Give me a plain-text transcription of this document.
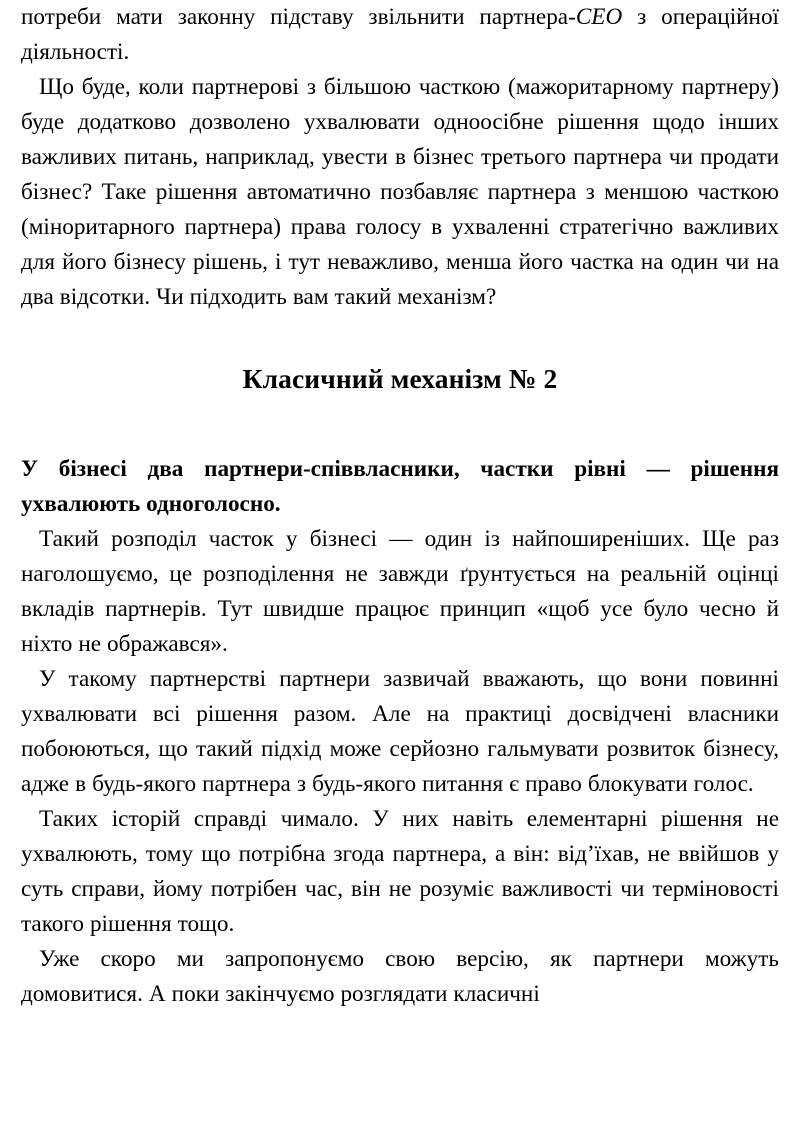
потреби мати законну підставу звільнити партнера-CEO з операційної діяльності.

Що буде, коли партнерові з більшою часткою (мажоритарному партнеру) буде додатково дозволено ухвалювати одноосібне рішення щодо інших важливих питань, наприклад, увести в бізнес третього партнера чи продати бізнес? Таке рішення автоматично позбавляє партнера з меншою часткою (міноритарного партнера) права голосу в ухваленні стратегічно важливих для його бізнесу рішень, і тут неважливо, менша його частка на один чи на два відсотки. Чи підходить вам такий механізм?

Класичний механізм № 2

У бізнесі два партнери-співвласники, частки рівні — рішення ухвалюють одноголосно.

Такий розподіл часток у бізнесі — один із найпоширеніших. Ще раз наголошуємо, це розподілення не завжди ґрунтується на реальній оцінці вкладів партнерів. Тут швидше працює принцип «щоб усе було чесно й ніхто не ображався».

У такому партнерстві партнери зазвичай вважають, що вони повинні ухвалювати всі рішення разом. Але на практиці досвідчені власники побоюються, що такий підхід може серйозно гальмувати розвиток бізнесу, адже в будь-якого партнера з будь-якого питання є право блокувати голос.

Таких історій справді чимало. У них навіть елементарні рішення не ухвалюють, тому що потрібна згода партнера, а він: від’їхав, не ввійшов у суть справи, йому потрібен час, він не розуміє важливості чи терміновості такого рішення тощо.

Уже скоро ми запропонуємо свою версію, як партнери можуть домовитися. А поки закінчуємо розглядати класичні
